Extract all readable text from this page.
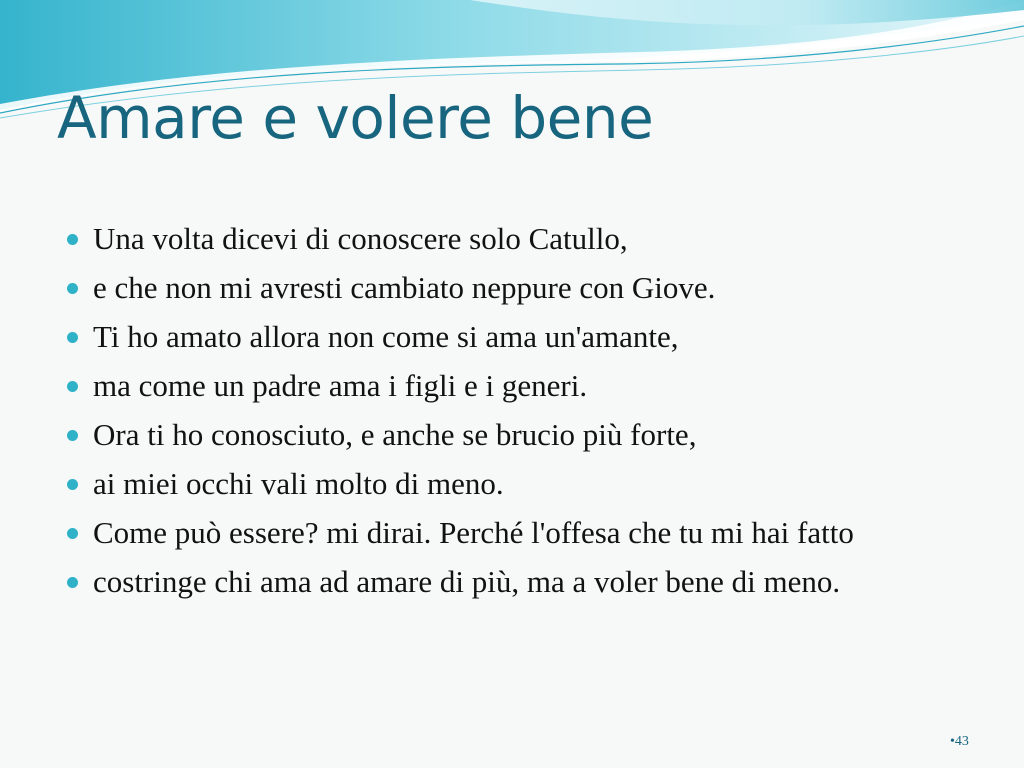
Amare e volere bene
Una volta dicevi di conoscere solo Catullo,
e che non mi avresti cambiato neppure con Giove.
Ti ho amato allora non come si ama un'amante,
ma come un padre ama i figli e i generi.
Ora ti ho conosciuto, e anche se brucio più forte,
ai miei occhi vali molto di meno.
Come può essere? mi dirai. Perché l'offesa che tu mi hai fatto
costringe chi ama ad amare di più, ma a voler bene di meno.
•43
